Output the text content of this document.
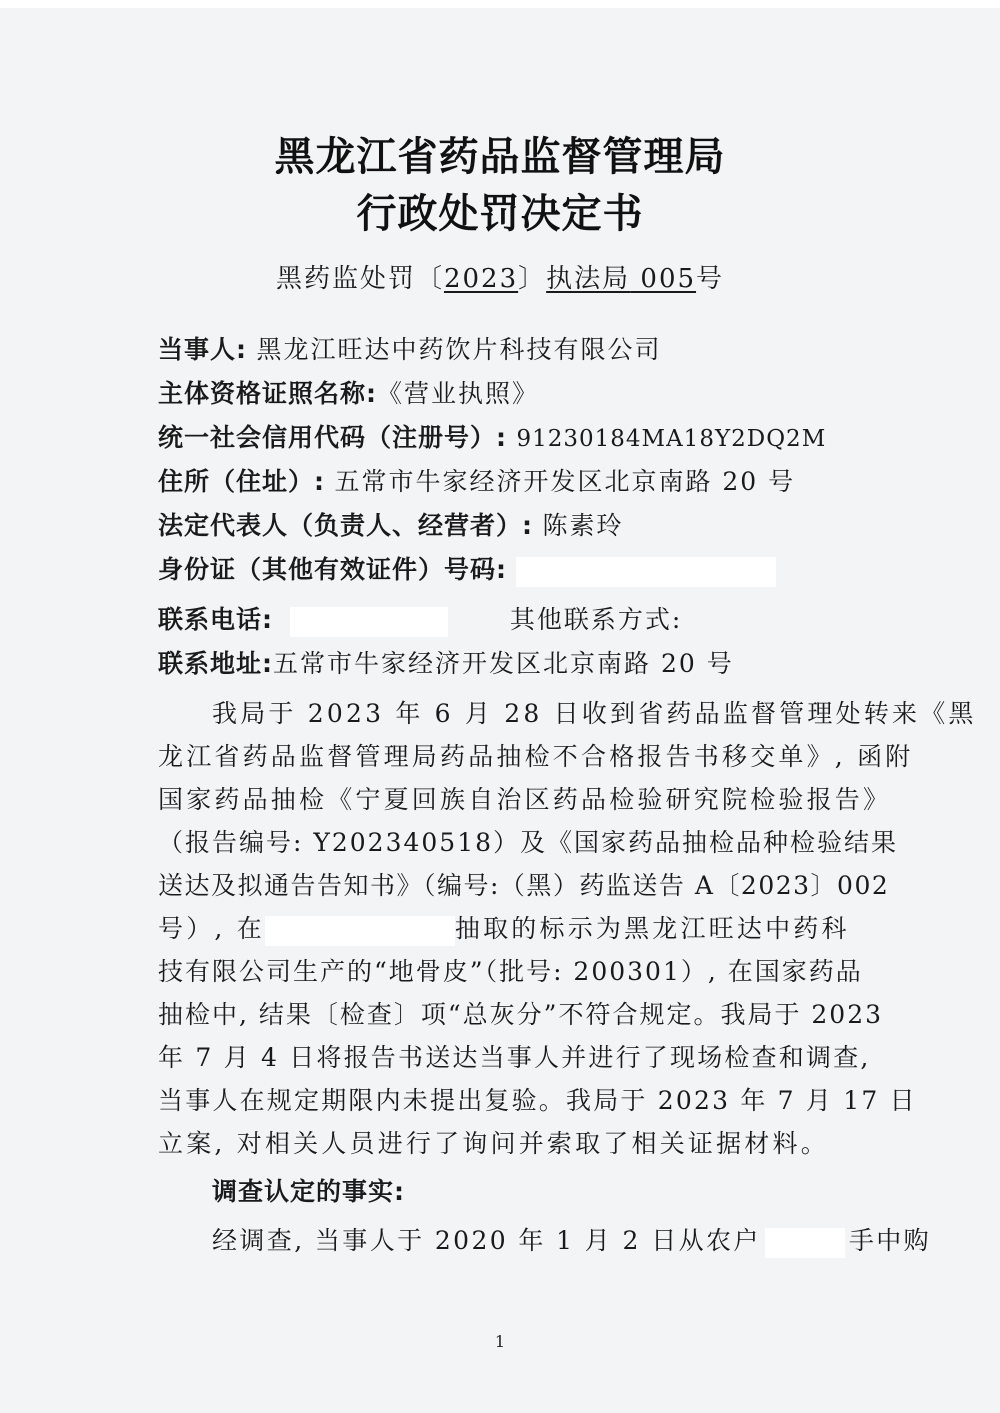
黑龙江省药品监督管理局
行政处罚决定书
黑药监处罚〔2023〕执法局 005号
当事人: 黑龙江旺达中药饮片科技有限公司
主体资格证照名称:《营业执照》
统一社会信用代码（注册号）: 91230184MA18Y2DQ2M
住所（住址）: 五常市牛家经济开发区北京南路 20 号
法定代表人（负责人、经营者）: 陈素玲
身份证（其他有效证件）号码:
联系电话:	其他联系方式:
联系地址:五常市牛家经济开发区北京南路 20 号
我局于 2023 年 6 月 28 日收到省药品监督管理处转来《黑
龙江省药品监督管理局药品抽检不合格报告书移交单》, 函附
国家药品抽检《宁夏回族自治区药品检验研究院检验报告》
（报告编号: Y202340518）及《国家药品抽检品种检验结果
送达及拟通告告知书》（编号:（黑）药监送告 A〔2023〕002
号）, 在	抽取的标示为黑龙江旺达中药科
技有限公司生产的“地骨皮”（批号: 200301）, 在国家药品
抽检中, 结果〔检查〕项“总灰分”不符合规定。我局于 2023
年 7 月 4 日将报告书送达当事人并进行了现场检查和调查,
当事人在规定期限内未提出复验。我局于 2023 年 7 月 17 日
立案, 对相关人员进行了询问并索取了相关证据材料。
调查认定的事实:
经调查, 当事人于 2020 年 1 月 2 日从农户	手中购
1
